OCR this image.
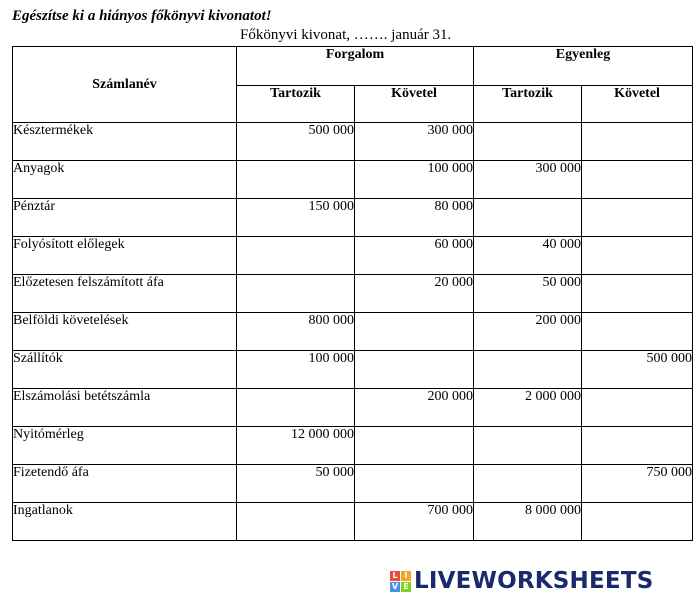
Egészítse ki a hiányos főkönyvi kivonatot!
Főkönyvi kivonat, ……. január 31.
Számlanév	Forgalom		Egyenleg	
	Tartozik	Követel	Tartozik	Követel
Késztermékek	500 000	300 000		
Anyagok		100 000	300 000	
Pénztár	150 000	80 000		
Folyósított előlegek		60 000	40 000	
Előzetesen felszámított áfa		20 000	50 000	
Belföldi követelések	800 000		200 000	
Szállítók	100 000			500 000
Elszámolási betétszámla		200 000	2 000 000	
Nyitómérleg	12 000 000			
Fizetendő áfa	50 000			750 000
Ingatlanok		700 000	8 000 000	
L I
V E LIVEWORKSHEETS
